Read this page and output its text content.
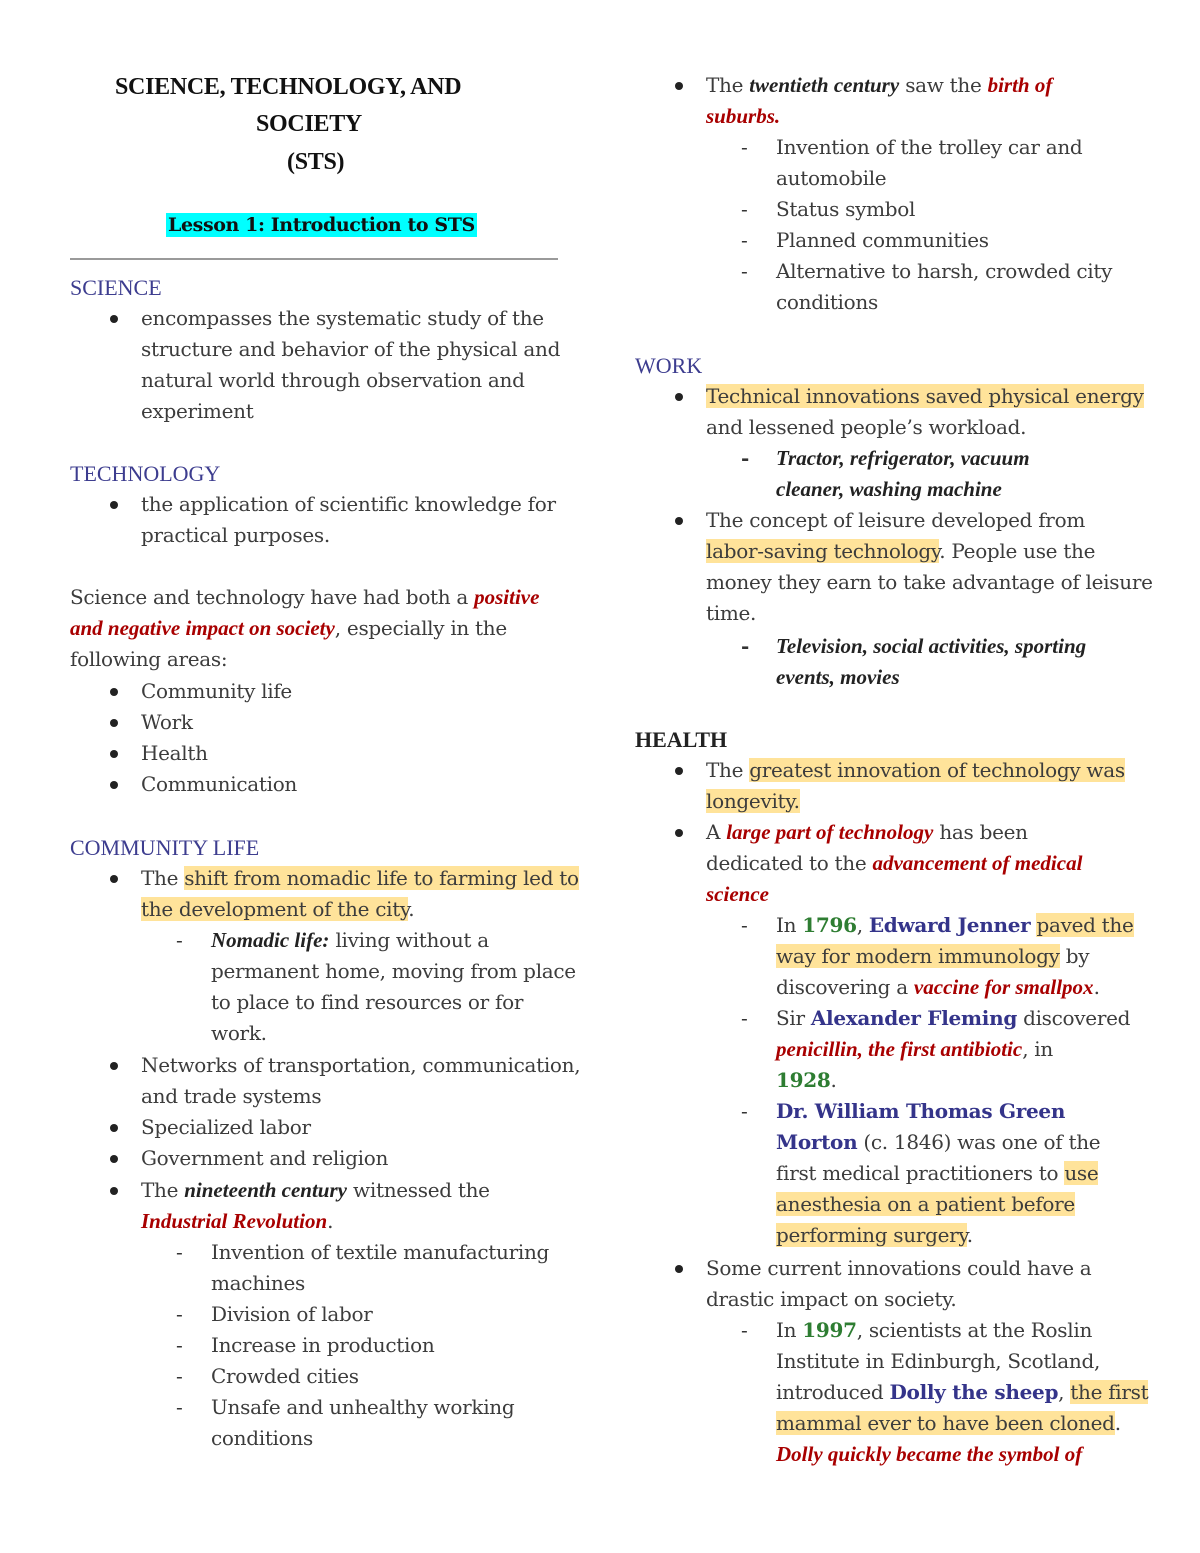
SCIENCE, TECHNOLOGY, AND
SOCIETY
(STS)
Lesson 1: Introduction to STS
SCIENCE
encompasses the systematic study of the
structure and behavior of the physical and
natural world through observation and
experiment
TECHNOLOGY
the application of scientific knowledge for
practical purposes.
Science and technology have had both a positive
and negative impact on society, especially in the
following areas:
Community life
Work
Health
Communication
COMMUNITY LIFE
The shift from nomadic life to farming led to
the development of the city.
- Nomadic life: living without a
permanent home, moving from place
to place to find resources or for
work.
Networks of transportation, communication,
and trade systems
Specialized labor
Government and religion
The nineteenth century witnessed the
Industrial Revolution.
- Invention of textile manufacturing
machines
- Division of labor
- Increase in production
- Crowded cities
- Unsafe and unhealthy working
conditions
The twentieth century saw the birth of
suburbs.
- Invention of the trolley car and
automobile
- Status symbol
- Planned communities
- Alternative to harsh, crowded city
conditions
WORK
Technical innovations saved physical energy
and lessened people’s workload.
- Tractor, refrigerator, vacuum
cleaner, washing machine
The concept of leisure developed from
labor-saving technology. People use the
money they earn to take advantage of leisure
time.
- Television, social activities, sporting
events, movies
HEALTH
The greatest innovation of technology was
longevity.
A large part of technology has been
dedicated to the advancement of medical
science
- In 1796, Edward Jenner paved the
way for modern immunology by
discovering a vaccine for smallpox.
- Sir Alexander Fleming discovered
penicillin, the first antibiotic, in
1928.
- Dr. William Thomas Green
Morton (c. 1846) was one of the
first medical practitioners to use
anesthesia on a patient before
performing surgery.
Some current innovations could have a
drastic impact on society.
- In 1997, scientists at the Roslin
Institute in Edinburgh, Scotland,
introduced Dolly the sheep, the first
mammal ever to have been cloned.
Dolly quickly became the symbol of
